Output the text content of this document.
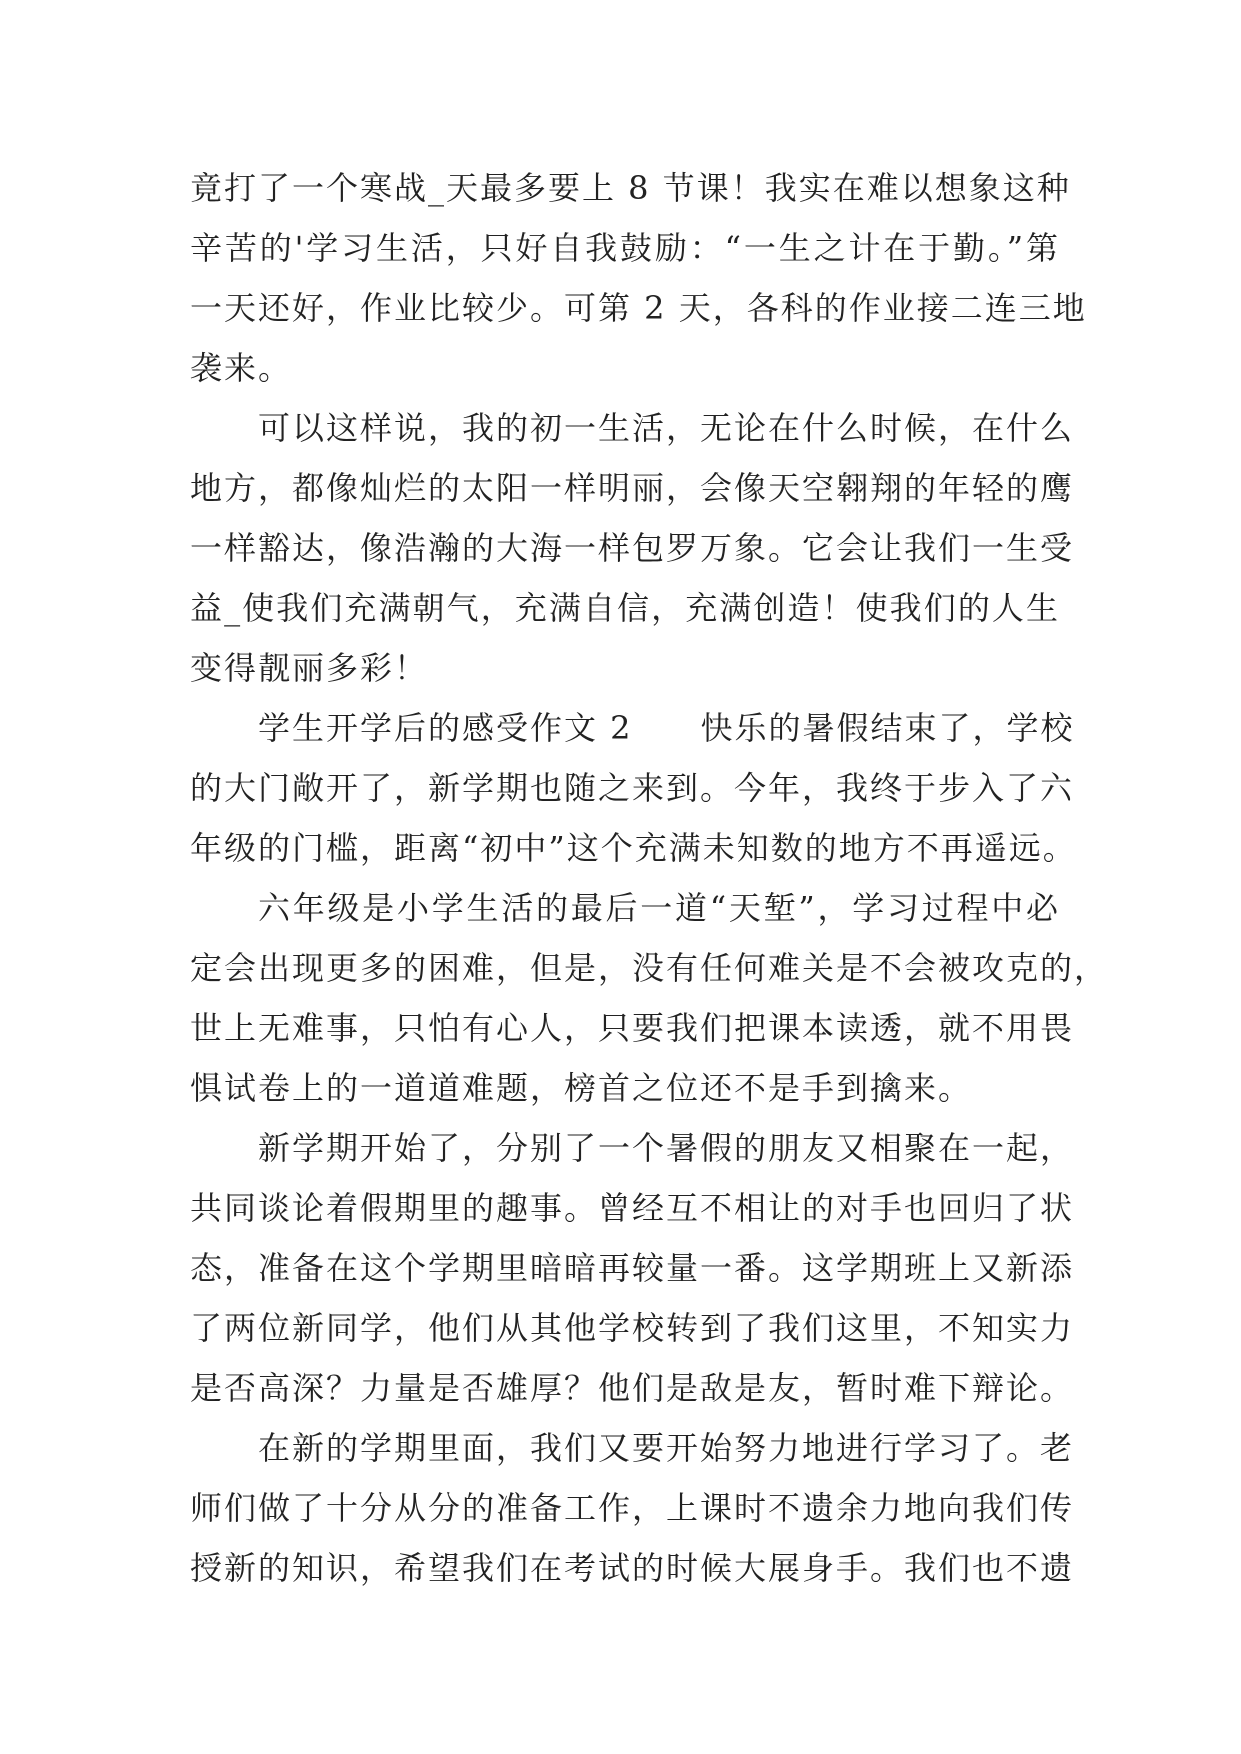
竟打了一个寒战_天最多要上 8 节课！我实在难以想象这种
辛苦的'学习生活，只好自我鼓励：“一生之计在于勤。”第
一天还好，作业比较少。可第 2 天，各科的作业接二连三地
袭来。
可以这样说，我的初一生活，无论在什么时候，在什么
地方，都像灿烂的太阳一样明丽，会像天空翱翔的年轻的鹰
一样豁达，像浩瀚的大海一样包罗万象。它会让我们一生受
益_使我们充满朝气，充满自信，充满创造！使我们的人生
变得靓丽多彩！
学生开学后的感受作文 2　　快乐的暑假结束了，学校
的大门敞开了，新学期也随之来到。今年，我终于步入了六
年级的门槛，距离“初中”这个充满未知数的地方不再遥远。
六年级是小学生活的最后一道“天堑”，学习过程中必
定会出现更多的困难，但是，没有任何难关是不会被攻克的，
世上无难事，只怕有心人，只要我们把课本读透，就不用畏
惧试卷上的一道道难题，榜首之位还不是手到擒来。
新学期开始了，分别了一个暑假的朋友又相聚在一起，
共同谈论着假期里的趣事。曾经互不相让的对手也回归了状
态，准备在这个学期里暗暗再较量一番。这学期班上又新添
了两位新同学，他们从其他学校转到了我们这里，不知实力
是否高深？力量是否雄厚？他们是敌是友，暂时难下辩论。
在新的学期里面，我们又要开始努力地进行学习了。老
师们做了十分从分的准备工作，上课时不遗余力地向我们传
授新的知识，希望我们在考试的时候大展身手。我们也不遗
